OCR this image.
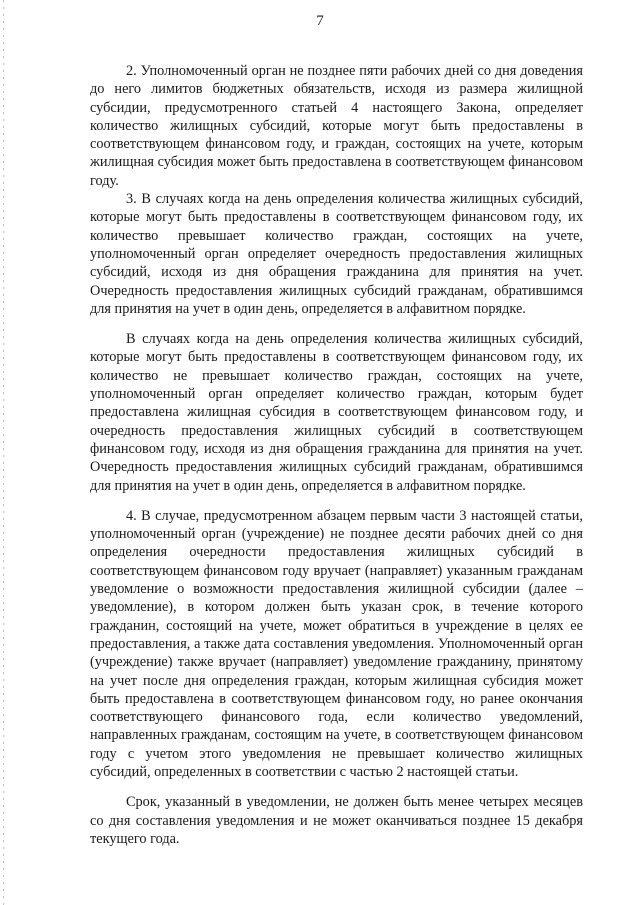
7

2. Уполномоченный орган не позднее пяти рабочих дней со дня доведения до него лимитов бюджетных обязательств, исходя из размера жилищной субсидии, предусмотренного статьей 4 настоящего Закона, определяет количество жилищных субсидий, которые могут быть предоставлены в соответствующем финансовом году, и граждан, состоящих на учете, которым жилищная субсидия может быть предоставлена в соответствующем финансовом году.

3. В случаях когда на день определения количества жилищных субсидий, которые могут быть предоставлены в соответствующем финансовом году, их количество превышает количество граждан, состоящих на учете, уполномоченный орган определяет очередность предоставления жилищных субсидий, исходя из дня обращения гражданина для принятия на учет. Очередность предоставления жилищных субсидий гражданам, обратившимся для принятия на учет в один день, определяется в алфавитном порядке.

В случаях когда на день определения количества жилищных субсидий, которые могут быть предоставлены в соответствующем финансовом году, их количество не превышает количество граждан, состоящих на учете, уполномоченный орган определяет количество граждан, которым будет предоставлена жилищная субсидия в соответствующем финансовом году, и очередность предоставления жилищных субсидий в соответствующем финансовом году, исходя из дня обращения гражданина для принятия на учет. Очередность предоставления жилищных субсидий гражданам, обратившимся для принятия на учет в один день, определяется в алфавитном порядке.

4. В случае, предусмотренном абзацем первым части 3 настоящей статьи, уполномоченный орган (учреждение) не позднее десяти рабочих дней со дня определения очередности предоставления жилищных субсидий в соответствующем финансовом году вручает (направляет) указанным гражданам уведомление о возможности предоставления жилищной субсидии (далее – уведомление), в котором должен быть указан срок, в течение которого гражданин, состоящий на учете, может обратиться в учреждение в целях ее предоставления, а также дата составления уведомления. Уполномоченный орган (учреждение) также вручает (направляет) уведомление гражданину, принятому на учет после дня определения граждан, которым жилищная субсидия может быть предоставлена в соответствующем финансовом году, но ранее окончания соответствующего финансового года, если количество уведомлений, направленных гражданам, состоящим на учете, в соответствующем финансовом году с учетом этого уведомления не превышает количество жилищных субсидий, определенных в соответствии с частью 2 настоящей статьи.

Срок, указанный в уведомлении, не должен быть менее четырех месяцев со дня составления уведомления и не может оканчиваться позднее 15 декабря текущего года.
